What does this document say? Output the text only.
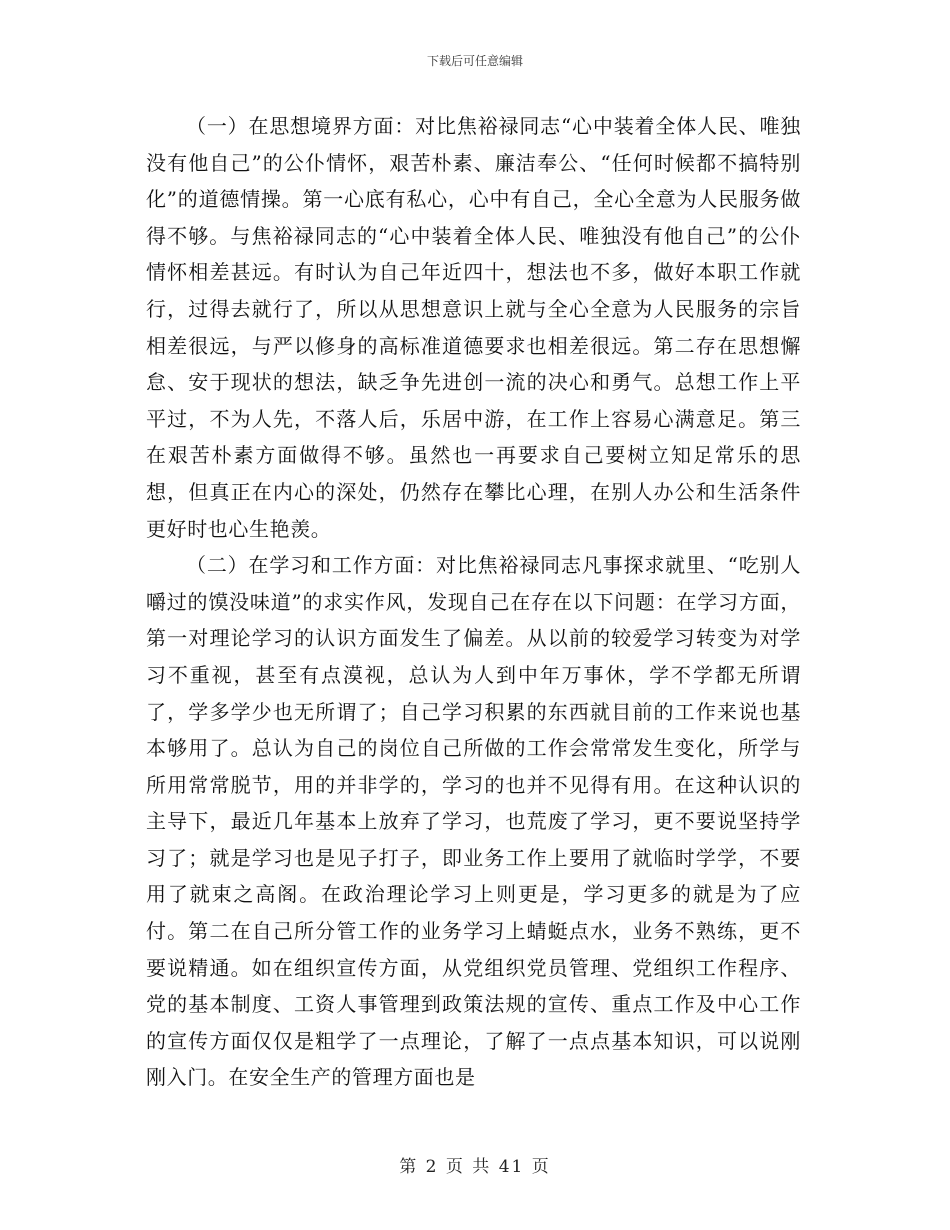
下载后可任意编辑

（一）在思想境界方面：对比焦裕禄同志“心中装着全体人民、唯独没有他自己”的公仆情怀，艰苦朴素、廉洁奉公、“任何时候都不搞特别化”的道德情操。第一心底有私心，心中有自己，全心全意为人民服务做得不够。与焦裕禄同志的“心中装着全体人民、唯独没有他自己”的公仆情怀相差甚远。有时认为自己年近四十，想法也不多，做好本职工作就行，过得去就行了，所以从思想意识上就与全心全意为人民服务的宗旨相差很远，与严以修身的高标准道德要求也相差很远。第二存在思想懈怠、安于现状的想法，缺乏争先进创一流的决心和勇气。总想工作上平平过，不为人先，不落人后，乐居中游，在工作上容易心满意足。第三在艰苦朴素方面做得不够。虽然也一再要求自己要树立知足常乐的思想，但真正在内心的深处，仍然存在攀比心理，在别人办公和生活条件更好时也心生艳羡。

（二）在学习和工作方面：对比焦裕禄同志凡事探求就里、“吃别人嚼过的馍没味道”的求实作风，发现自己在存在以下问题：在学习方面，第一对理论学习的认识方面发生了偏差。从以前的较爱学习转变为对学习不重视，甚至有点漠视，总认为人到中年万事休，学不学都无所谓了，学多学少也无所谓了；自己学习积累的东西就目前的工作来说也基本够用了。总认为自己的岗位自己所做的工作会常常发生变化，所学与所用常常脱节，用的并非学的，学习的也并不见得有用。在这种认识的主导下，最近几年基本上放弃了学习，也荒废了学习，更不要说坚持学习了；就是学习也是见子打子，即业务工作上要用了就临时学学，不要用了就束之高阁。在政治理论学习上则更是，学习更多的就是为了应付。第二在自己所分管工作的业务学习上蜻蜓点水，业务不熟练，更不要说精通。如在组织宣传方面，从党组织党员管理、党组织工作程序、党的基本制度、工资人事管理到政策法规的宣传、重点工作及中心工作的宣传方面仅仅是粗学了一点理论，了解了一点点基本知识，可以说刚刚入门。在安全生产的管理方面也是

第 2 页 共 41 页
